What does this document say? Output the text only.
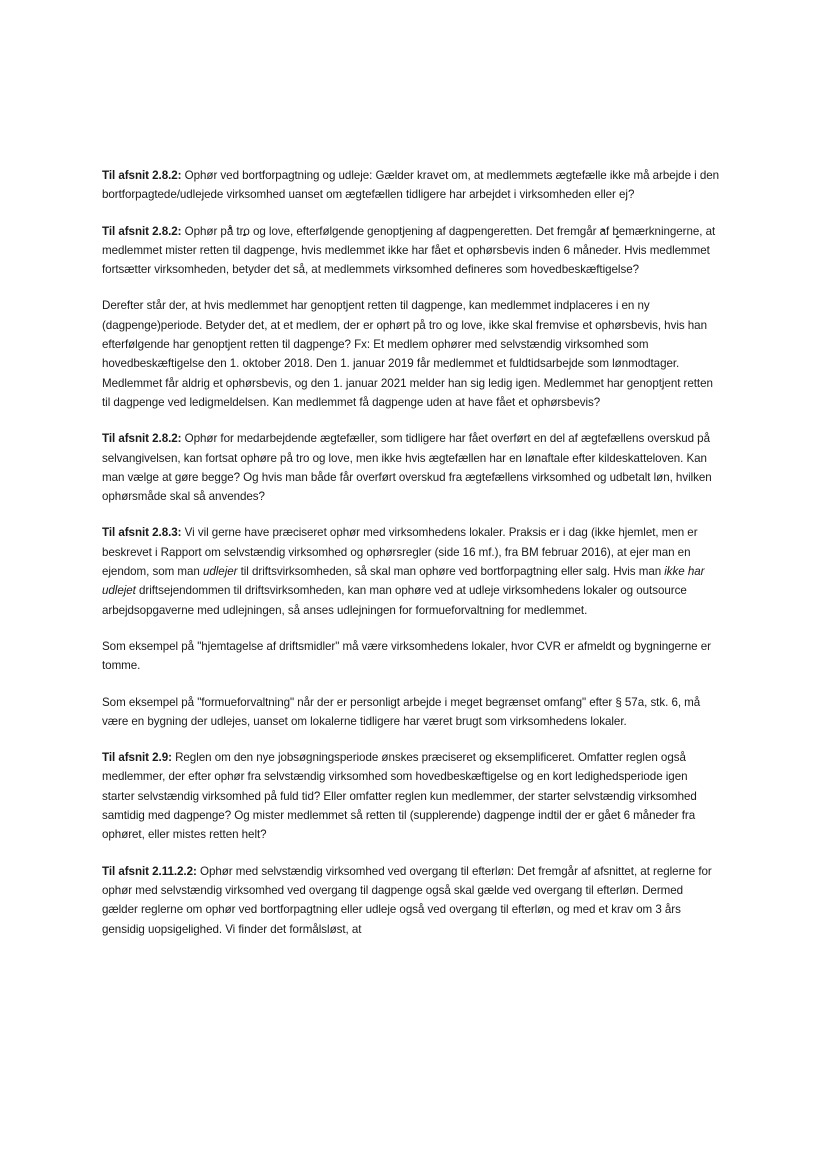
Til afsnit 2.8.2: Ophør ved bortforpagtning og udleje: Gælder kravet om, at medlemmets ægtefælle ikke må arbejde i den bortforpagtede/udlejede virksomhed uanset om ægtefællen tidligere har arbejdet i virksomheden eller ej?

Til afsnit 2.8.2: Ophør på tro og love, efterfølgende genoptjening af dagpengeretten. Det fremgår af bemærkningerne, at medlemmet mister retten til dagpenge, hvis medlemmet ikke har fået et ophørsbevis inden 6 måneder. Hvis medlemmet fortsætter virksomheden, betyder det så, at medlemmets virksomhed defineres som hovedbeskæftigelse?

Derefter står der, at hvis medlemmet har genoptjent retten til dagpenge, kan medlemmet indplaceres i en ny (dagpenge)periode. Betyder det, at et medlem, der er ophørt på tro og love, ikke skal fremvise et ophørsbevis, hvis han efterfølgende har genoptjent retten til dagpenge? Fx: Et medlem ophører med selvstændig virksomhed som hovedbeskæftigelse den 1. oktober 2018. Den 1. januar 2019 får medlemmet et fuldtidsarbejde som lønmodtager. Medlemmet får aldrig et ophørsbevis, og den 1. januar 2021 melder han sig ledig igen. Medlemmet har genoptjent retten til dagpenge ved ledigmeldelsen. Kan medlemmet få dagpenge uden at have fået et ophørsbevis?

Til afsnit 2.8.2: Ophør for medarbejdende ægtefæller, som tidligere har fået overført en del af ægtefællens overskud på selvangivelsen, kan fortsat ophøre på tro og love, men ikke hvis ægtefællen har en lønaftale efter kildeskatteloven. Kan man vælge at gøre begge? Og hvis man både får overført overskud fra ægtefællens virksomhed og udbetalt løn, hvilken ophørsmåde skal så anvendes?

Til afsnit 2.8.3: Vi vil gerne have præciseret ophør med virksomhedens lokaler. Praksis er i dag (ikke hjemlet, men er beskrevet i Rapport om selvstændig virksomhed og ophørsregler (side 16 mf.), fra BM februar 2016), at ejer man en ejendom, som man udlejer til driftsvirksomheden, så skal man ophøre ved bortforpagtning eller salg. Hvis man ikke har udlejet driftsejendommen til driftsvirksomheden, kan man ophøre ved at udleje virksomhedens lokaler og outsource arbejdsopgaverne med udlejningen, så anses udlejningen for formueforvaltning for medlemmet.

Som eksempel på "hjemtagelse af driftsmidler" må være virksomhedens lokaler, hvor CVR er afmeldt og bygningerne er tomme.

Som eksempel på "formueforvaltning" når der er personligt arbejde i meget begrænset omfang" efter § 57a, stk. 6, må være en bygning der udlejes, uanset om lokalerne tidligere har været brugt som virksomhedens lokaler.

Til afsnit 2.9: Reglen om den nye jobsøgningsperiode ønskes præciseret og eksemplificeret. Omfatter reglen også medlemmer, der efter ophør fra selvstændig virksomhed som hovedbeskæftigelse og en kort ledighedsperiode igen starter selvstændig virksomhed på fuld tid? Eller omfatter reglen kun medlemmer, der starter selvstændig virksomhed samtidig med dagpenge? Og mister medlemmet så retten til (supplerende) dagpenge indtil der er gået 6 måneder fra ophøret, eller mistes retten helt?

Til afsnit 2.11.2.2: Ophør med selvstændig virksomhed ved overgang til efterløn: Det fremgår af afsnittet, at reglerne for ophør med selvstændig virksomhed ved overgang til dagpenge også skal gælde ved overgang til efterløn. Dermed gælder reglerne om ophør ved bortforpagtning eller udleje også ved overgang til efterløn, og med et krav om 3 års gensidig uopsigelighed. Vi finder det formålsløst, at
